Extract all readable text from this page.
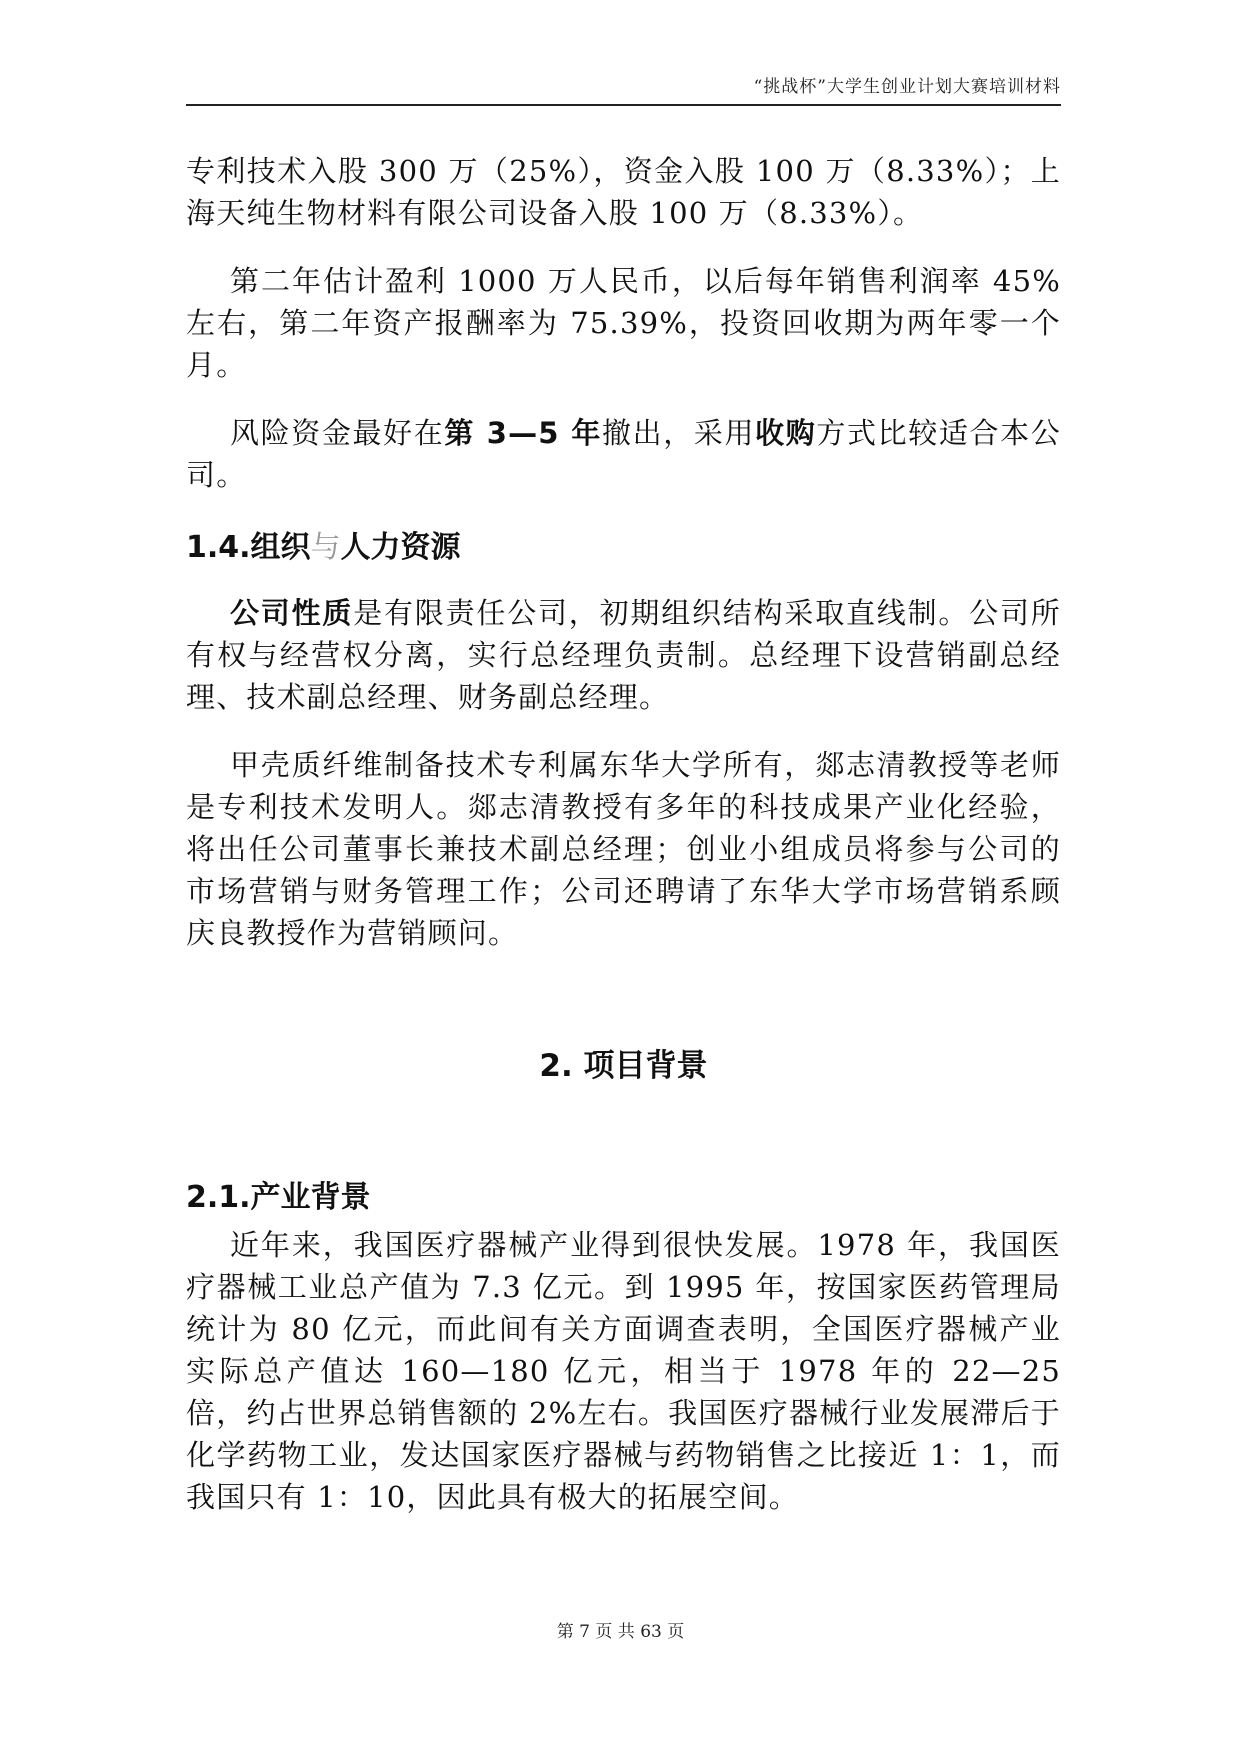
“挑战杯”大学生创业计划大赛培训材料

专利技术入股 300 万（25%），资金入股 100 万（8.33%）；上海天纯生物材料有限公司设备入股 100 万（8.33%）。

第二年估计盈利 1000 万人民币，以后每年销售利润率 45%左右，第二年资产报酬率为 75.39%，投资回收期为两年零一个月。

风险资金最好在第 3—5 年撤出，采用收购方式比较适合本公司。

1.4.组织与人力资源

公司性质是有限责任公司，初期组织结构采取直线制。公司所有权与经营权分离，实行总经理负责制。总经理下设营销副总经理、技术副总经理、财务副总经理。

甲壳质纤维制备技术专利属东华大学所有，郯志清教授等老师是专利技术发明人。郯志清教授有多年的科技成果产业化经验，将出任公司董事长兼技术副总经理；创业小组成员将参与公司的市场营销与财务管理工作；公司还聘请了东华大学市场营销系顾庆良教授作为营销顾问。

2. 项目背景
2.1.产业背景

近年来，我国医疗器械产业得到很快发展。1978 年，我国医疗器械工业总产值为 7.3 亿元。到 1995 年，按国家医药管理局统计为 80 亿元，而此间有关方面调查表明，全国医疗器械产业实际总产值达 160—180 亿元，相当于 1978 年的 22—25 倍，约占世界总销售额的 2%左右。我国医疗器械行业发展滞后于化学药物工业，发达国家医疗器械与药物销售之比接近 1：1，而我国只有 1：10，因此具有极大的拓展空间。

第 7 页 共 63 页
